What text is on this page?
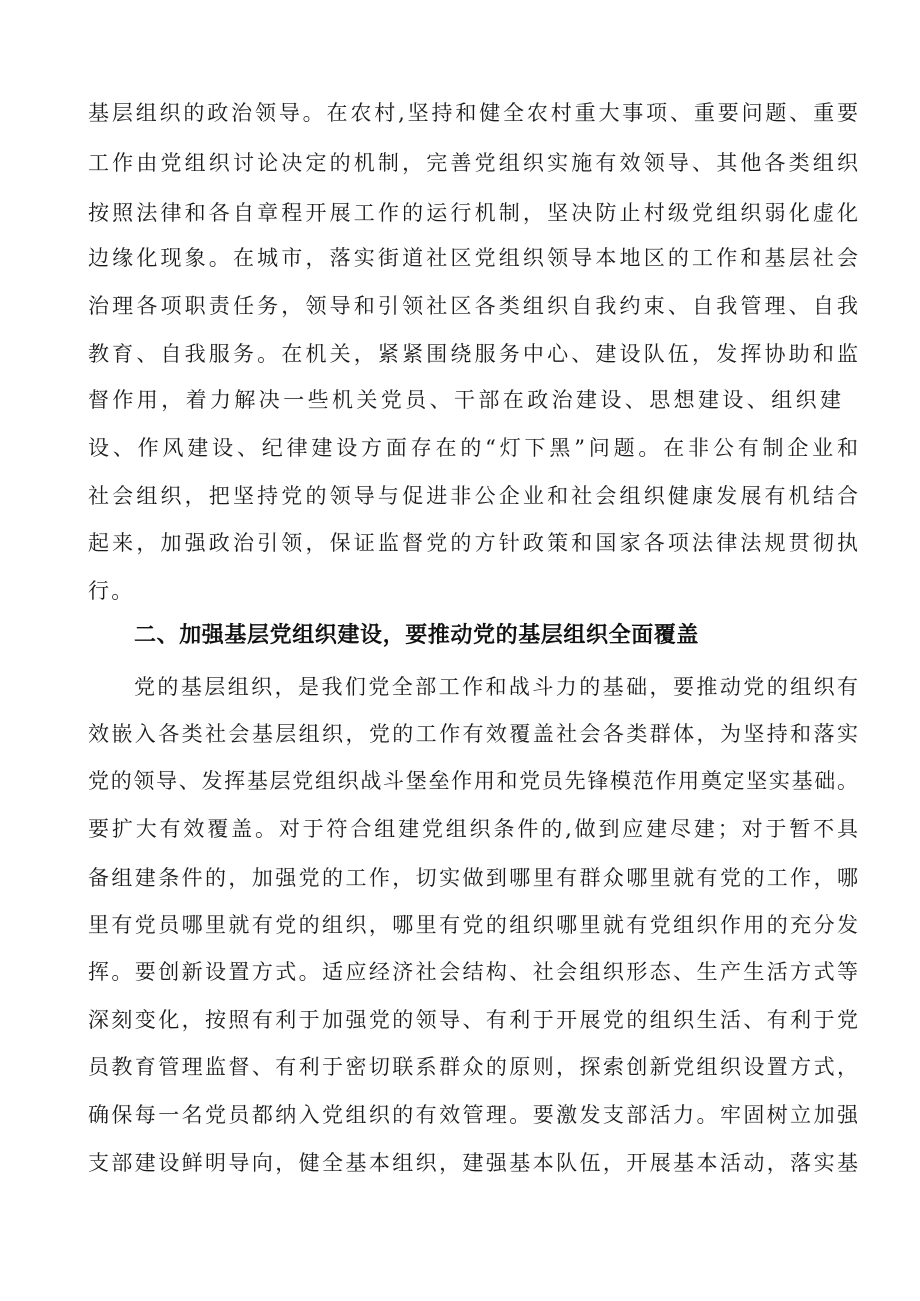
基层组织的政治领导。在农村,坚持和健全农村重大事项、重要问题、重要
工作由党组织讨论决定的机制，完善党组织实施有效领导、其他各类组织
按照法律和各自章程开展工作的运行机制，坚决防止村级党组织弱化虚化
边缘化现象。在城市，落实街道社区党组织领导本地区的工作和基层社会
治理各项职责任务，领导和引领社区各类组织自我约束、自我管理、自我
教育、自我服务。在机关，紧紧围绕服务中心、建设队伍，发挥协助和监
督作用，着力解决一些机关党员、干部在政治建设、思想建设、组织建
设、作风建设、纪律建设方面存在的“灯下黑”问题。在非公有制企业和
社会组织，把坚持党的领导与促进非公企业和社会组织健康发展有机结合
起来，加强政治引领，保证监督党的方针政策和国家各项法律法规贯彻执
行。
二、加强基层党组织建设，要推动党的基层组织全面覆盖
党的基层组织，是我们党全部工作和战斗力的基础，要推动党的组织有
效嵌入各类社会基层组织，党的工作有效覆盖社会各类群体，为坚持和落实
党的领导、发挥基层党组织战斗堡垒作用和党员先锋模范作用奠定坚实基础。
要扩大有效覆盖。对于符合组建党组织条件的,做到应建尽建；对于暂不具
备组建条件的，加强党的工作，切实做到哪里有群众哪里就有党的工作，哪
里有党员哪里就有党的组织，哪里有党的组织哪里就有党组织作用的充分发
挥。要创新设置方式。适应经济社会结构、社会组织形态、生产生活方式等
深刻变化，按照有利于加强党的领导、有利于开展党的组织生活、有利于党
员教育管理监督、有利于密切联系群众的原则，探索创新党组织设置方式，
确保每一名党员都纳入党组织的有效管理。要激发支部活力。牢固树立加强
支部建设鲜明导向，健全基本组织，建强基本队伍，开展基本活动，落实基
